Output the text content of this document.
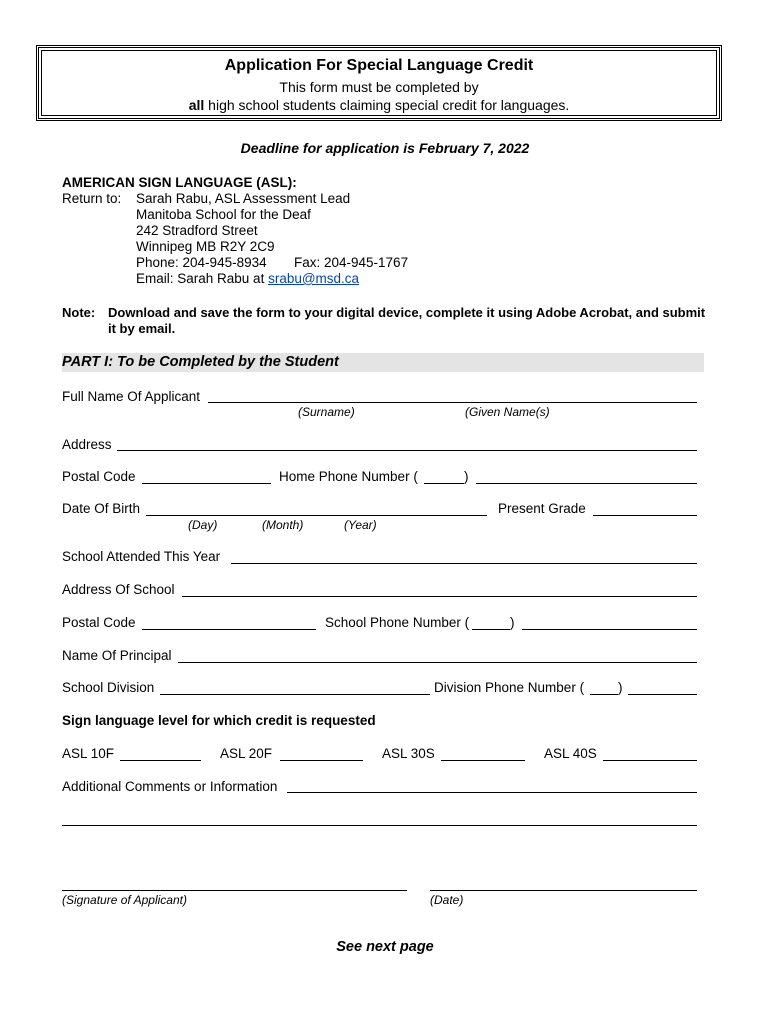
Application For Special Language Credit
This form must be completed by
all high school students claiming special credit for languages.
Deadline for application is February 7, 2022
AMERICAN SIGN LANGUAGE (ASL):
Return to: Sarah Rabu, ASL Assessment Lead
Manitoba School for the Deaf
242 Stradford Street
Winnipeg MB R2Y 2C9
Phone: 204-945-8934 Fax: 204-945-1767
Email: Sarah Rabu at srabu@msd.ca
Note: Download and save the form to your digital device, complete it using Adobe Acrobat, and submit it by email.
PART I: To be Completed by the Student
Full Name Of Applicant
(Surname)	(Given Name(s)
Address
Postal Code	Home Phone Number (	)
Date Of Birth	Present Grade
(Day)	(Month)	(Year)
School Attended This Year
Address Of School
Postal Code	School Phone Number (	)
Name Of Principal
School Division	Division Phone Number (	)
Sign language level for which credit is requested
ASL 10F	ASL 20F	ASL 30S	ASL 40S
Additional Comments or Information
(Signature of Applicant)	(Date)
See next page
